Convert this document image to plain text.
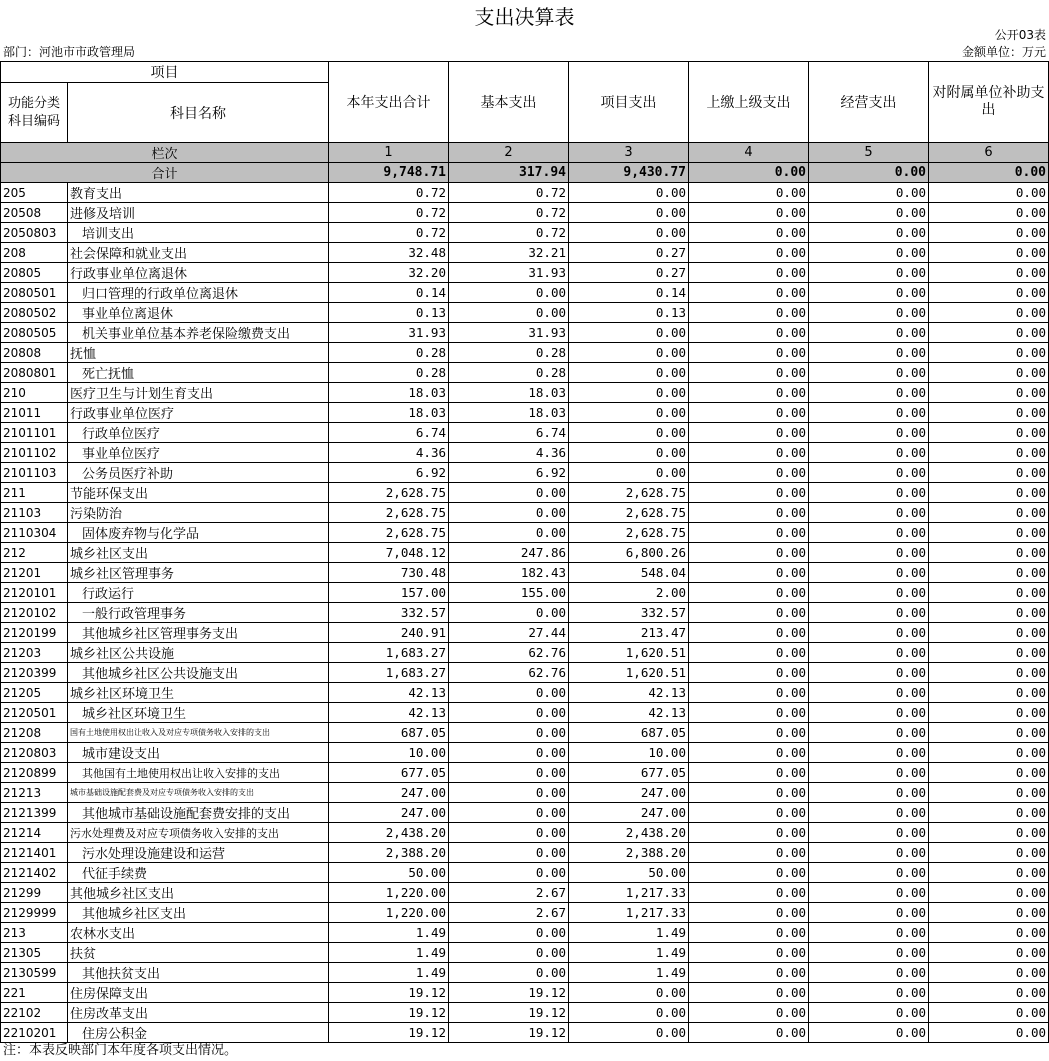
支出决算表
公开03表
部门：河池市市政管理局	金额单位：万元
项目		本年支出合计	基本支出	项目支出	上缴上级支出	经营支出	对附属单位补助支出
功能分类科目编码	科目名称						
栏次		1	2	3	4	5	6
合计		9,748.71	317.94	9,430.77	0.00	0.00	0.00
205	教育支出	0.72	0.72	0.00	0.00	0.00	0.00
20508	进修及培训	0.72	0.72	0.00	0.00	0.00	0.00
2050803	培训支出	0.72	0.72	0.00	0.00	0.00	0.00
208	社会保障和就业支出	32.48	32.21	0.27	0.00	0.00	0.00
20805	行政事业单位离退休	32.20	31.93	0.27	0.00	0.00	0.00
2080501	归口管理的行政单位离退休	0.14	0.00	0.14	0.00	0.00	0.00
2080502	事业单位离退休	0.13	0.00	0.13	0.00	0.00	0.00
2080505	机关事业单位基本养老保险缴费支出	31.93	31.93	0.00	0.00	0.00	0.00
20808	抚恤	0.28	0.28	0.00	0.00	0.00	0.00
2080801	死亡抚恤	0.28	0.28	0.00	0.00	0.00	0.00
210	医疗卫生与计划生育支出	18.03	18.03	0.00	0.00	0.00	0.00
21011	行政事业单位医疗	18.03	18.03	0.00	0.00	0.00	0.00
2101101	行政单位医疗	6.74	6.74	0.00	0.00	0.00	0.00
2101102	事业单位医疗	4.36	4.36	0.00	0.00	0.00	0.00
2101103	公务员医疗补助	6.92	6.92	0.00	0.00	0.00	0.00
211	节能环保支出	2,628.75	0.00	2,628.75	0.00	0.00	0.00
21103	污染防治	2,628.75	0.00	2,628.75	0.00	0.00	0.00
2110304	固体废弃物与化学品	2,628.75	0.00	2,628.75	0.00	0.00	0.00
212	城乡社区支出	7,048.12	247.86	6,800.26	0.00	0.00	0.00
21201	城乡社区管理事务	730.48	182.43	548.04	0.00	0.00	0.00
2120101	行政运行	157.00	155.00	2.00	0.00	0.00	0.00
2120102	一般行政管理事务	332.57	0.00	332.57	0.00	0.00	0.00
2120199	其他城乡社区管理事务支出	240.91	27.44	213.47	0.00	0.00	0.00
21203	城乡社区公共设施	1,683.27	62.76	1,620.51	0.00	0.00	0.00
2120399	其他城乡社区公共设施支出	1,683.27	62.76	1,620.51	0.00	0.00	0.00
21205	城乡社区环境卫生	42.13	0.00	42.13	0.00	0.00	0.00
2120501	城乡社区环境卫生	42.13	0.00	42.13	0.00	0.00	0.00
21208	国有土地使用权出让收入及对应专项债务收入安排的支出	687.05	0.00	687.05	0.00	0.00	0.00
2120803	城市建设支出	10.00	0.00	10.00	0.00	0.00	0.00
2120899	其他国有土地使用权出让收入安排的支出	677.05	0.00	677.05	0.00	0.00	0.00
21213	城市基础设施配套费及对应专项债务收入安排的支出	247.00	0.00	247.00	0.00	0.00	0.00
2121399	其他城市基础设施配套费安排的支出	247.00	0.00	247.00	0.00	0.00	0.00
21214	污水处理费及对应专项债务收入安排的支出	2,438.20	0.00	2,438.20	0.00	0.00	0.00
2121401	污水处理设施建设和运营	2,388.20	0.00	2,388.20	0.00	0.00	0.00
2121402	代征手续费	50.00	0.00	50.00	0.00	0.00	0.00
21299	其他城乡社区支出	1,220.00	2.67	1,217.33	0.00	0.00	0.00
2129999	其他城乡社区支出	1,220.00	2.67	1,217.33	0.00	0.00	0.00
213	农林水支出	1.49	0.00	1.49	0.00	0.00	0.00
21305	扶贫	1.49	0.00	1.49	0.00	0.00	0.00
2130599	其他扶贫支出	1.49	0.00	1.49	0.00	0.00	0.00
221	住房保障支出	19.12	19.12	0.00	0.00	0.00	0.00
22102	住房改革支出	19.12	19.12	0.00	0.00	0.00	0.00
2210201	住房公积金	19.12	19.12	0.00	0.00	0.00	0.00
注：本表反映部门本年度各项支出情况。
